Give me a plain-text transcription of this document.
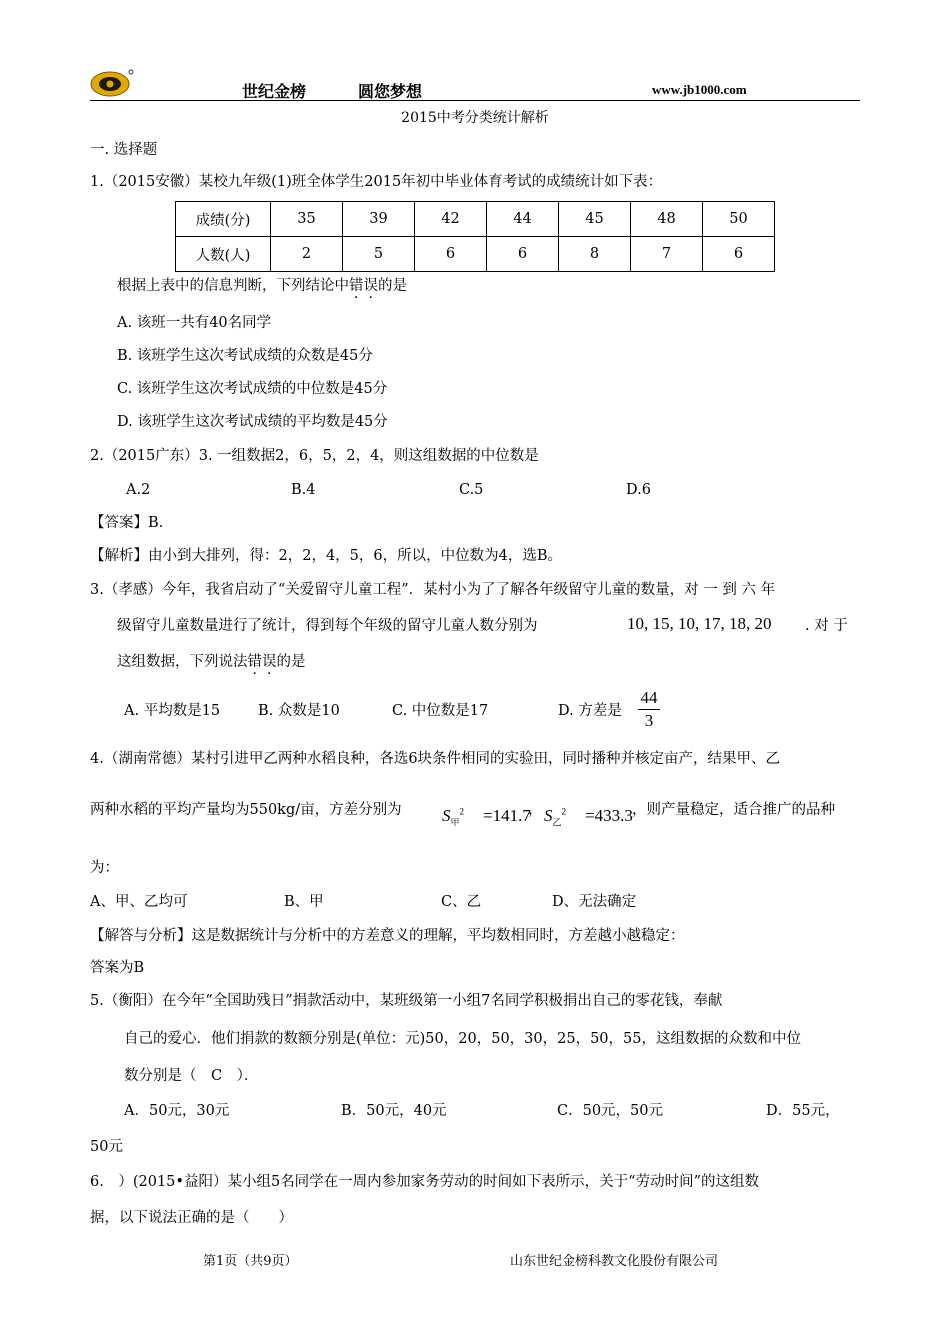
世纪金榜	圆您梦想	www.jb1000.com
2015中考分类统计解析
一. 选择题
1.（2015安徽）某校九年级(1)班全体学生2015年初中毕业体育考试的成绩统计如下表：
成绩(分)	35	39	42	44	45	48	50
人数(人)	2	5	6	6	8	7	6
根据上表中的信息判断，下列结论中错误的是
A. 该班一共有40名同学
B. 该班学生这次考试成绩的众数是45分
C. 该班学生这次考试成绩的中位数是45分
D. 该班学生这次考试成绩的平均数是45分
2.（2015广东）3. 一组数据2，6，5，2，4，则这组数据的中位数是
A.2	B.4	C.5	D.6
【答案】B.
【解析】由小到大排列，得：2，2，4，5，6，所以，中位数为4，选B。
3.（孝感）今年，我省启动了“关爱留守儿童工程”．某村小为了了解各年级留守儿童的数量，对 一 到 六 年
级留守儿童数量进行了统计，得到每个年级的留守儿童人数分别为	10, 15, 10, 17, 18, 20 . 对 于
这组数据，下列说法错误的是
A. 平均数是15	B. 众数是10	C. 中位数是17	D. 方差是
44
3
4.（湖南常德）某村引进甲乙两种水稻良种，各选6块条件相同的实验田，同时播种并核定亩产，结果甲、乙
两种水稻的平均产量均为550kg/亩，方差分别为 $S_甲^2 =141.7$
， $S_乙^2 =433.3$ ，则产量稳定，适合推广的品种
为：
A、甲、乙均可	B、甲	C、乙	D、无法确定
【解答与分析】这是数据统计与分析中的方差意义的理解，平均数相同时，方差越小越稳定：
答案为B
5.（衡阳）在今年“全国助残日”捐款活动中，某班级第一小组7名同学积极捐出自己的零花钱，奉献
自己的爱心．他们捐款的数额分别是(单位：元)50，20，50，30，25，50，55，这组数据的众数和中位
数分别是（　C　）．
A．50元，30元	B．50元，40元	C．50元，50元	D．55元，
50元
6.　）(2015•益阳）某小组5名同学在一周内参加家务劳动的时间如下表所示，关于“劳动时间”的这组数
据，以下说法正确的是（　　）
第1页（共9页）	山东世纪金榜科教文化股份有限公司
